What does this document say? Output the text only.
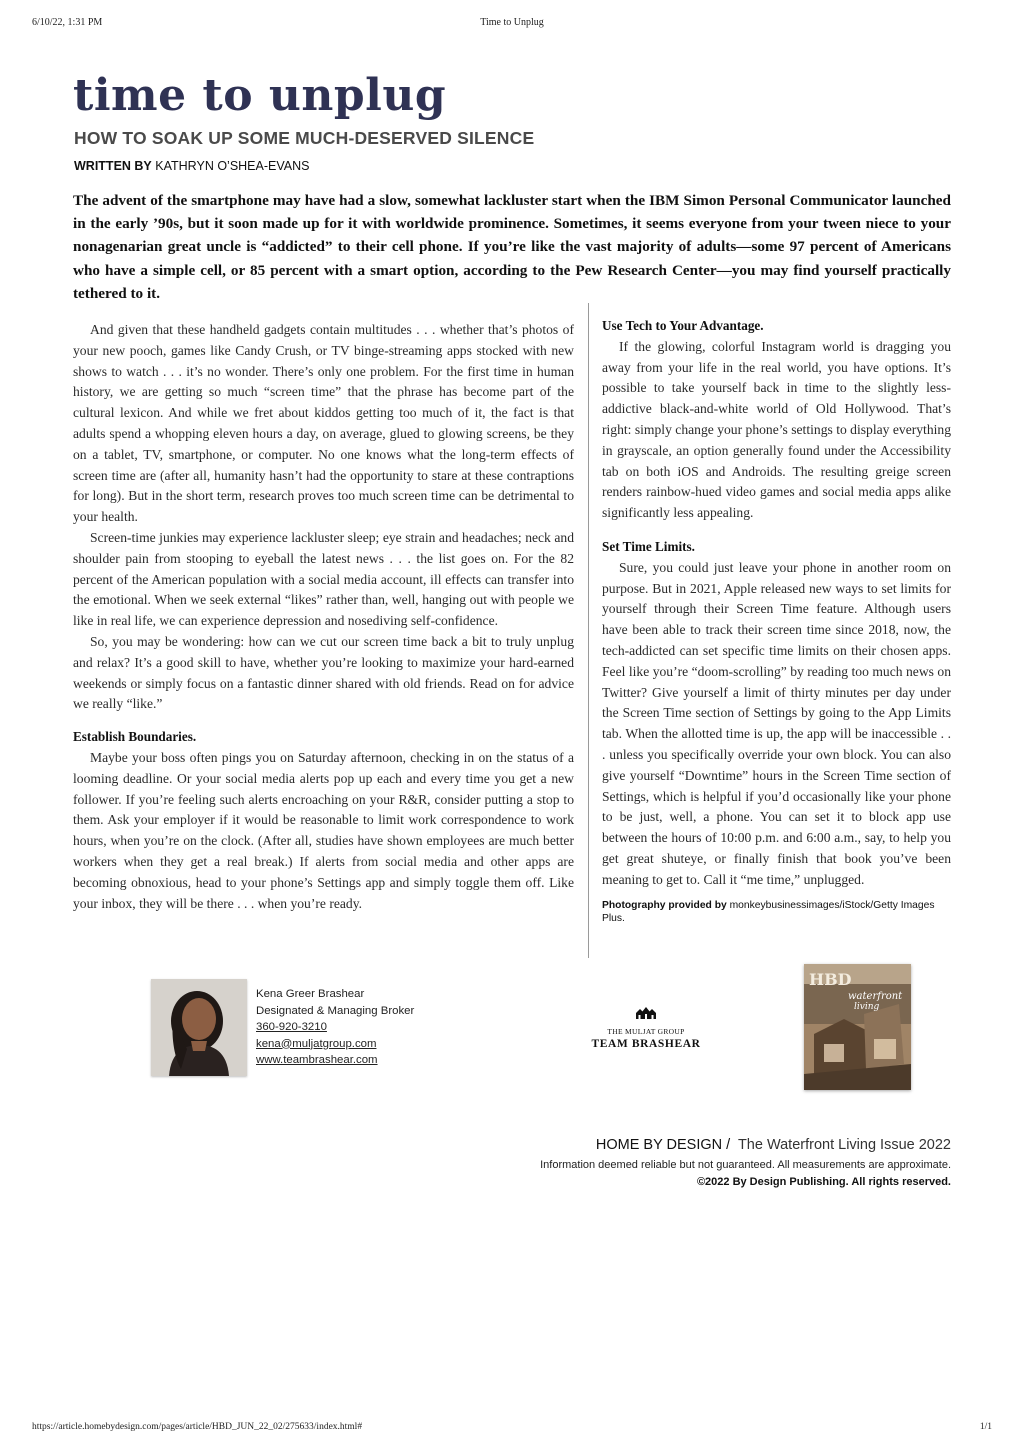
6/10/22, 1:31 PM	Time to Unplug
time to unplug
HOW TO SOAK UP SOME MUCH-DESERVED SILENCE

WRITTEN BY KATHRYN O’SHEA-EVANS

The advent of the smartphone may have had a slow, somewhat lackluster start when the IBM Simon Personal Communicator launched in the early ’90s, but it soon made up for it with worldwide prominence. Sometimes, it seems everyone from your tween niece to your nonagenarian great uncle is “addicted” to their cell phone. If you’re like the vast majority of adults—some 97 percent of Americans who have a simple cell, or 85 percent with a smart option, according to the Pew Research Center—you may find yourself practically tethered to it.

And given that these handheld gadgets contain multitudes . . . whether that’s photos of your new pooch, games like Candy Crush, or TV binge-streaming apps stocked with new shows to watch . . . it’s no wonder. There’s only one problem. For the first time in human history, we are getting so much “screen time” that the phrase has become part of the cultural lexicon. And while we fret about kiddos getting too much of it, the fact is that adults spend a whopping eleven hours a day, on average, glued to glowing screens, be they on a tablet, TV, smartphone, or computer. No one knows what the long-term effects of screen time are (after all, humanity hasn’t had the opportunity to stare at these contraptions for long). But in the short term, research proves too much screen time can be detrimental to your health.

Screen-time junkies may experience lackluster sleep; eye strain and headaches; neck and shoulder pain from stooping to eyeball the latest news . . . the list goes on. For the 82 percent of the American population with a social media account, ill effects can transfer into the emotional. When we seek external “likes” rather than, well, hanging out with people we like in real life, we can experience depression and nosediving self-confidence.

So, you may be wondering: how can we cut our screen time back a bit to truly unplug and relax? It’s a good skill to have, whether you’re looking to maximize your hard-earned weekends or simply focus on a fantastic dinner shared with old friends. Read on for advice we really “like.”

Establish Boundaries.

Maybe your boss often pings you on Saturday afternoon, checking in on the status of a looming deadline. Or your social media alerts pop up each and every time you get a new follower. If you’re feeling such alerts encroaching on your R&R, consider putting a stop to them. Ask your employer if it would be reasonable to limit work correspondence to work hours, when you’re on the clock. (After all, studies have shown employees are much better workers when they get a real break.) If alerts from social media and other apps are becoming obnoxious, head to your phone’s Settings app and simply toggle them off. Like your inbox, they will be there . . . when you’re ready.

Use Tech to Your Advantage.

If the glowing, colorful Instagram world is dragging you away from your life in the real world, you have options. It’s possible to take yourself back in time to the slightly less-addictive black-and-white world of Old Hollywood. That’s right: simply change your phone’s settings to display everything in grayscale, an option generally found under the Accessibility tab on both iOS and Androids. The resulting greige screen renders rainbow-hued video games and social media apps alike significantly less appealing.

Set Time Limits.

Sure, you could just leave your phone in another room on purpose. But in 2021, Apple released new ways to set limits for yourself through their Screen Time feature. Although users have been able to track their screen time since 2018, now, the tech-addicted can set specific time limits on their chosen apps. Feel like you’re “doom-scrolling” by reading too much news on Twitter? Give yourself a limit of thirty minutes per day under the Screen Time section of Settings by going to the App Limits tab. When the allotted time is up, the app will be inaccessible . . . unless you specifically override your own block. You can also give yourself “Downtime” hours in the Screen Time section of Settings, which is helpful if you’d occasionally like your phone to be just, well, a phone. You can set it to block app use between the hours of 10:00 p.m. and 6:00 a.m., say, to help you get great shuteye, or finally finish that book you’ve been meaning to get to. Call it “me time,” unplugged.

Photography provided by monkeybusinessimages/iStock/Getty Images Plus.

Kena Greer Brashear
Designated & Managing Broker
360-920-3210
kena@muljatgroup.com
www.teambrashear.com
THE MULJAT GROUP
TEAM BRASHEAR
HBD
waterfront
living
HOME BY DESIGN / The Waterfront Living Issue 2022
Information deemed reliable but not guaranteed. All measurements are approximate.
©2022 By Design Publishing. All rights reserved.
https://article.homebydesign.com/pages/article/HBD_JUN_22_02/275633/index.html#	1/1
